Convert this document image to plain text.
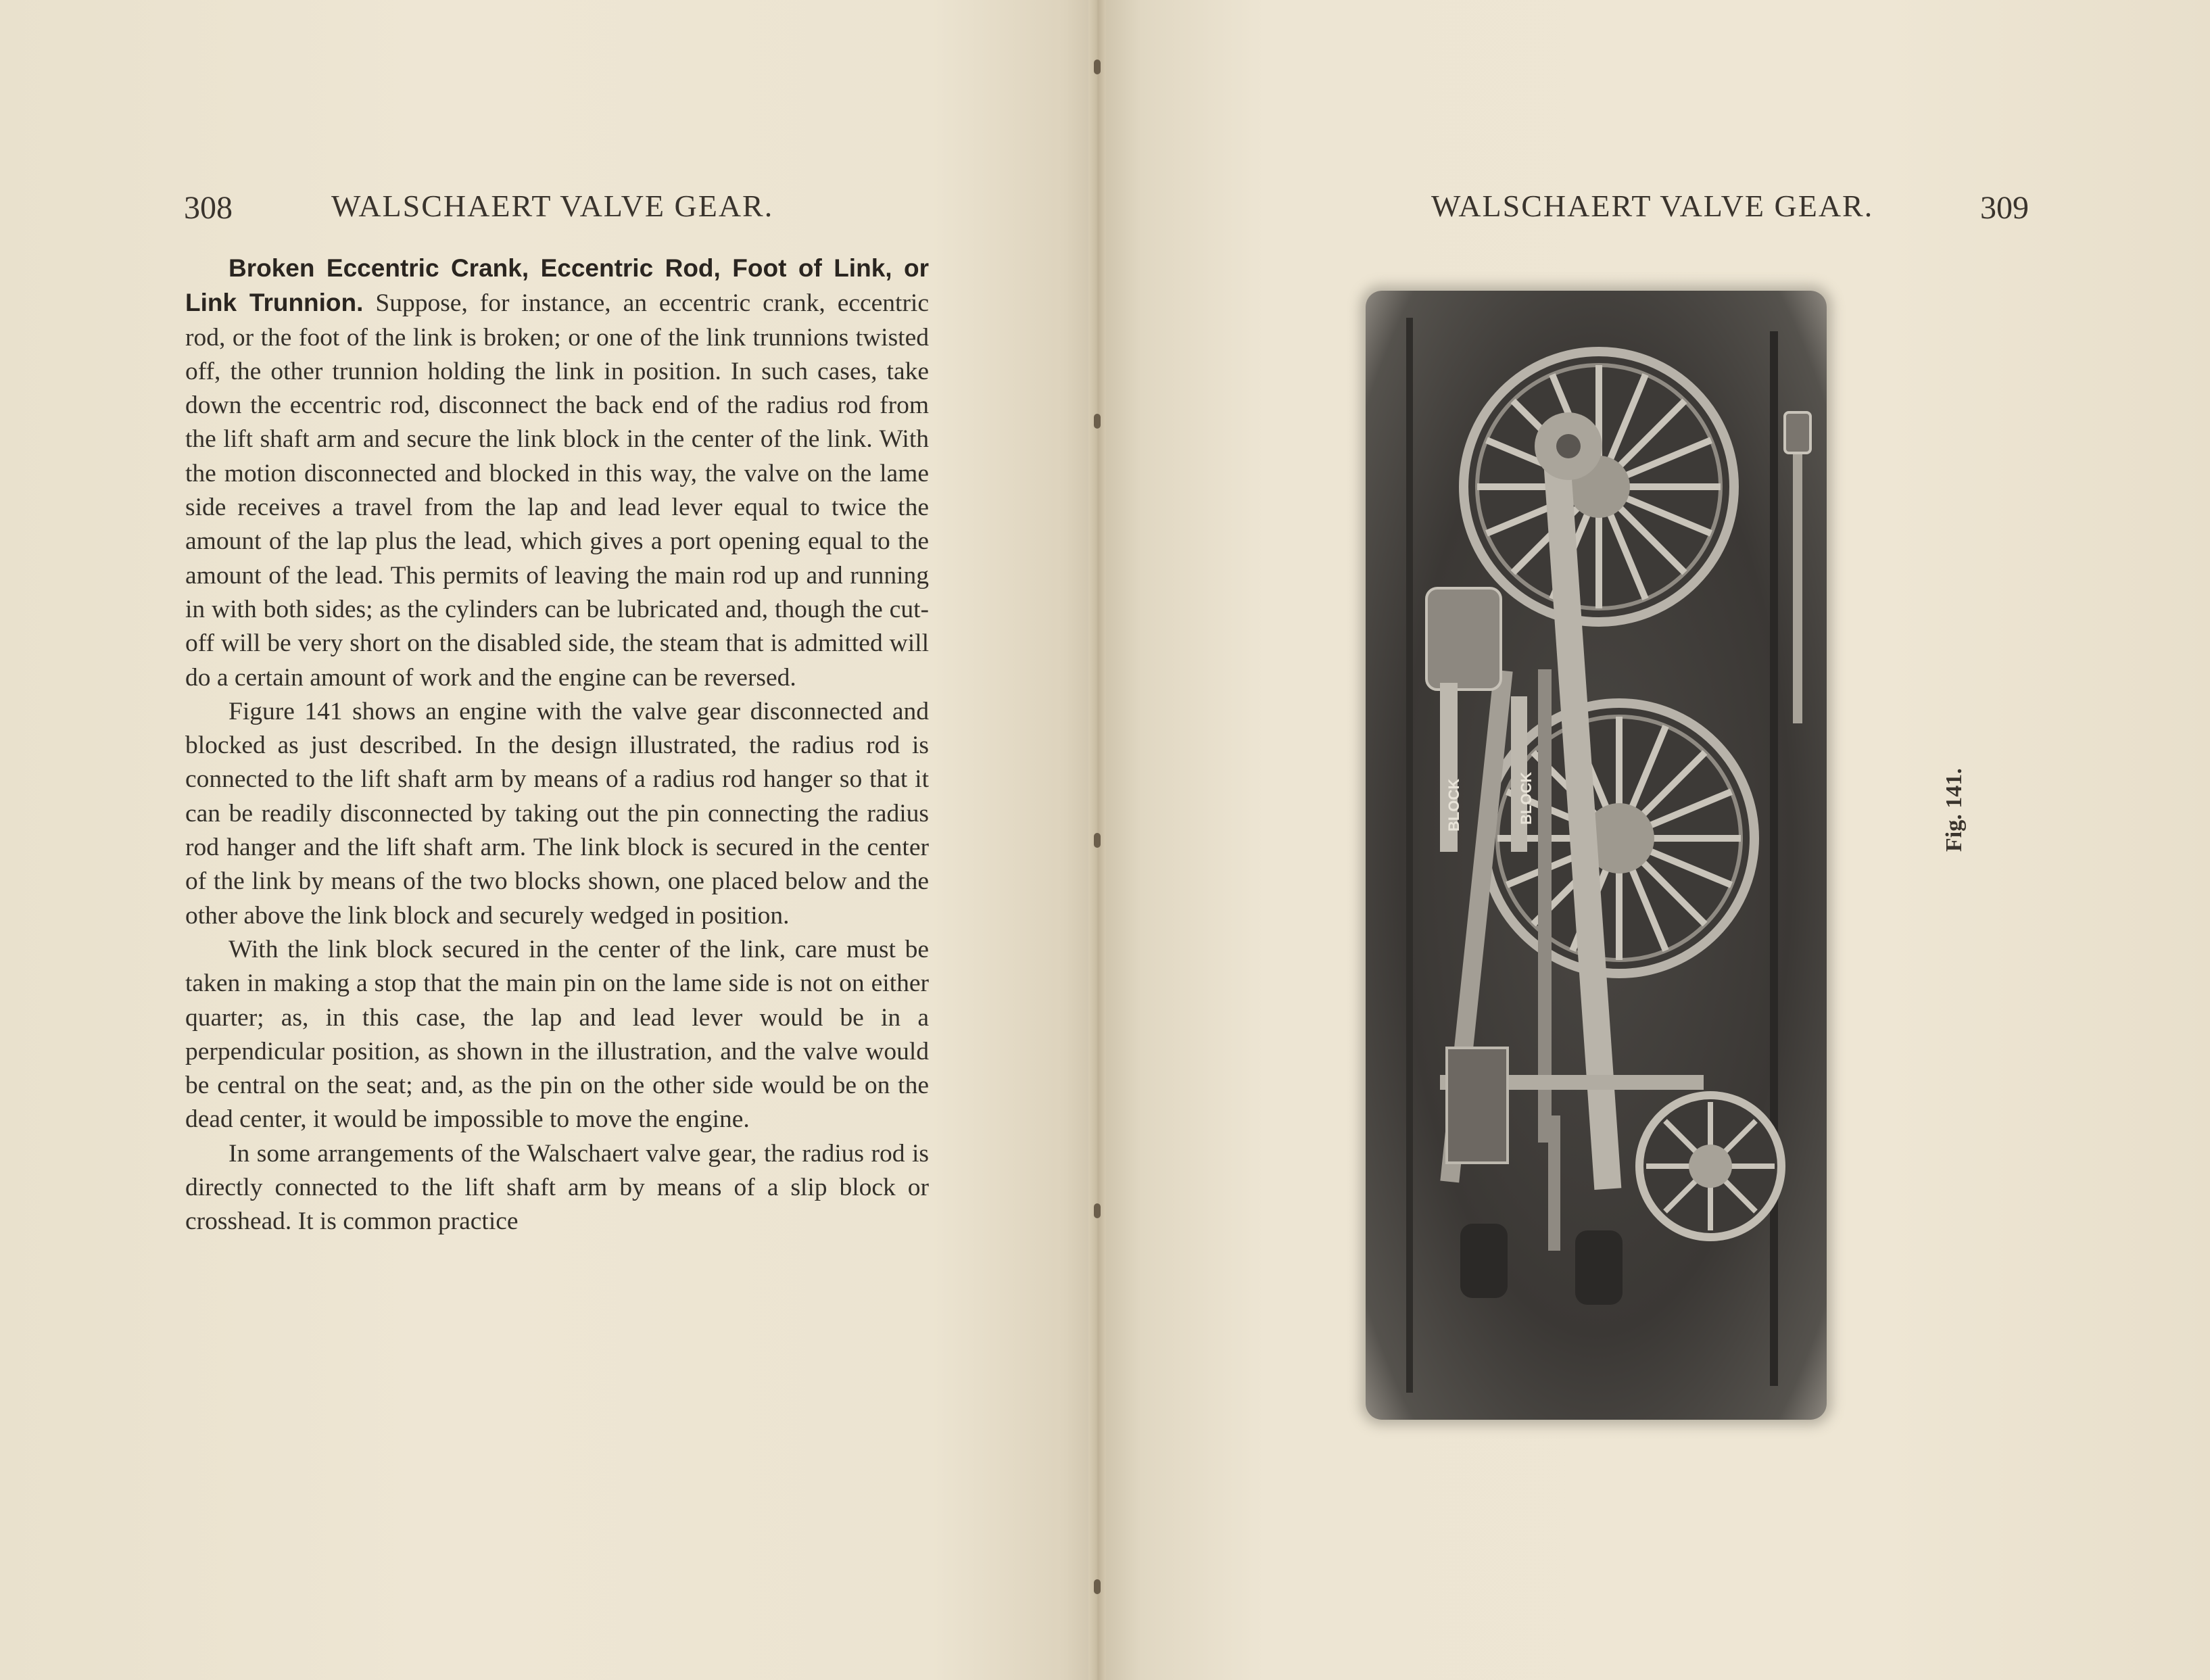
308	WALSCHAERT VALVE GEAR.

Broken Eccentric Crank, Eccentric Rod, Foot of Link, or Link Trunnion. Suppose, for instance, an eccentric crank, eccentric rod, or the foot of the link is broken; or one of the link trunnions twisted off, the other trunnion holding the link in position. In such cases, take down the eccentric rod, disconnect the back end of the radius rod from the lift shaft arm and secure the link block in the center of the link. With the motion disconnected and blocked in this way, the valve on the lame side receives a travel from the lap and lead lever equal to twice the amount of the lap plus the lead, which gives a port opening equal to the amount of the lead. This permits of leaving the main rod up and running in with both sides; as the cylinders can be lubricated and, though the cut-off will be very short on the disabled side, the steam that is admitted will do a certain amount of work and the engine can be reversed.

Figure 141 shows an engine with the valve gear disconnected and blocked as just described. In the design illustrated, the radius rod is connected to the lift shaft arm by means of a radius rod hanger so that it can be readily disconnected by taking out the pin connecting the radius rod hanger and the lift shaft arm. The link block is secured in the center of the link by means of the two blocks shown, one placed below and the other above the link block and securely wedged in position.

With the link block secured in the center of the link, care must be taken in making a stop that the main pin on the lame side is not on either quarter; as, in this case, the lap and lead lever would be in a perpendicular position, as shown in the illustration, and the valve would be central on the seat; and, as the pin on the other side would be on the dead center, it would be impossible to move the engine.

In some arrangements of the Walschaert valve gear, the radius rod is directly connected to the lift shaft arm by means of a slip block or crosshead. It is common practice

WALSCHAERT VALVE GEAR.	309
BLOCK	BLOCK	Fig. 141.
